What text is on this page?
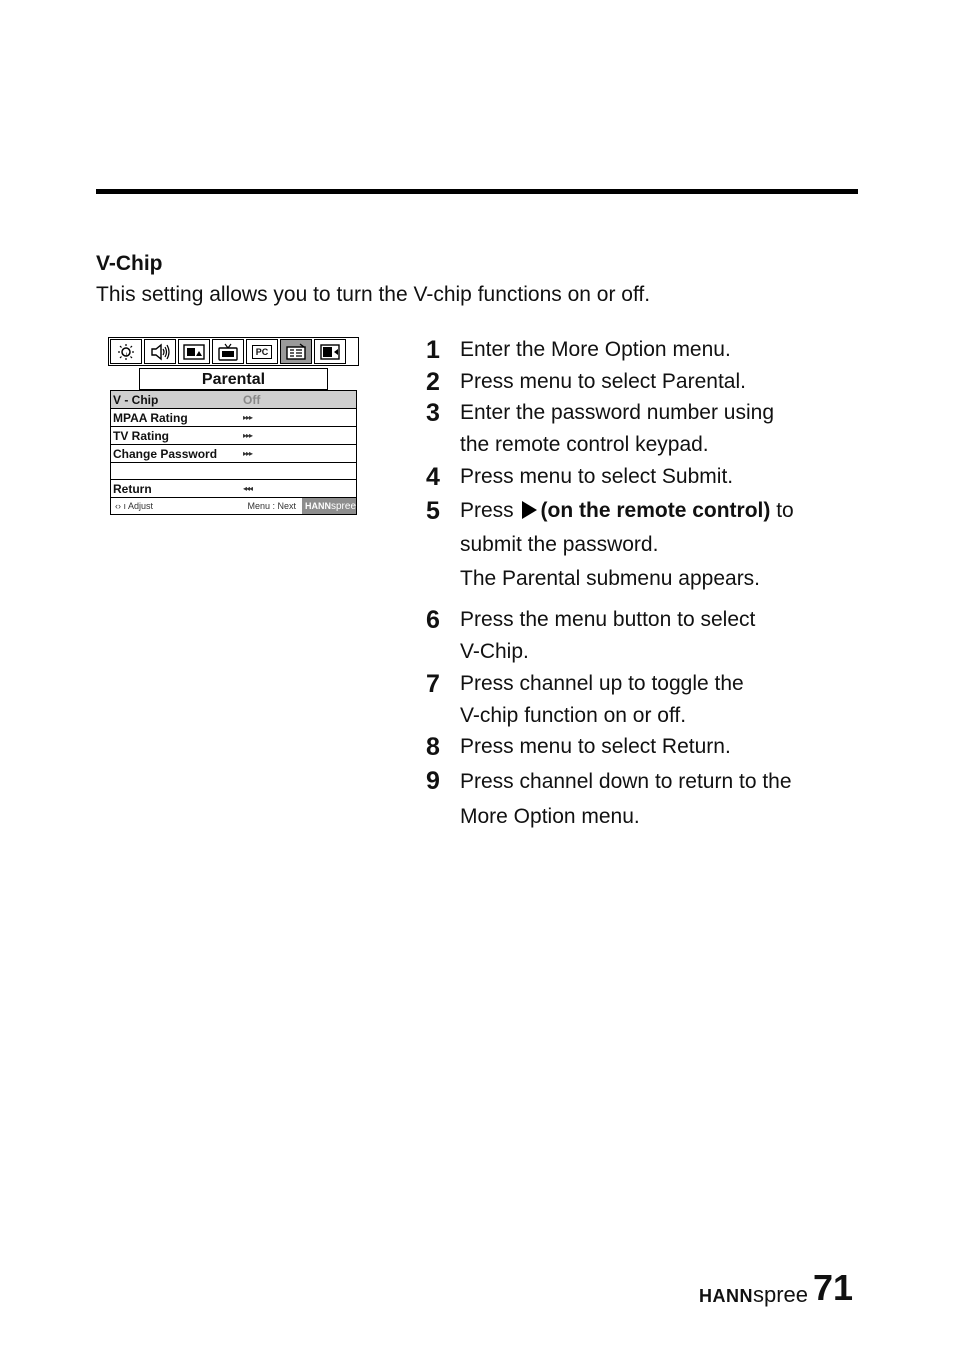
V-Chip
This setting allows you to turn the V-chip functions on or off.
PC
Parental
V - Chip	Off
MPAA Rating	▸▸▸
TV Rating	▸▸▸
Change Password	▸▸▸
Return	◂◂◂
‹› ı Adjust	Menu : Next	HANNspree
1 Enter the More Option menu.
2 Press menu to select Parental.
3 Enter the password number using
the remote control keypad.
4 Press menu to select Submit.
5 Press (on the remote control) to
submit the password.
The Parental submenu appears.
6 Press the menu button to select
V-Chip.
7 Press channel up to toggle the
V-chip function on or off.
8 Press menu to select Return.
9 Press channel down to return to the
More Option menu.
HANNspree 71
